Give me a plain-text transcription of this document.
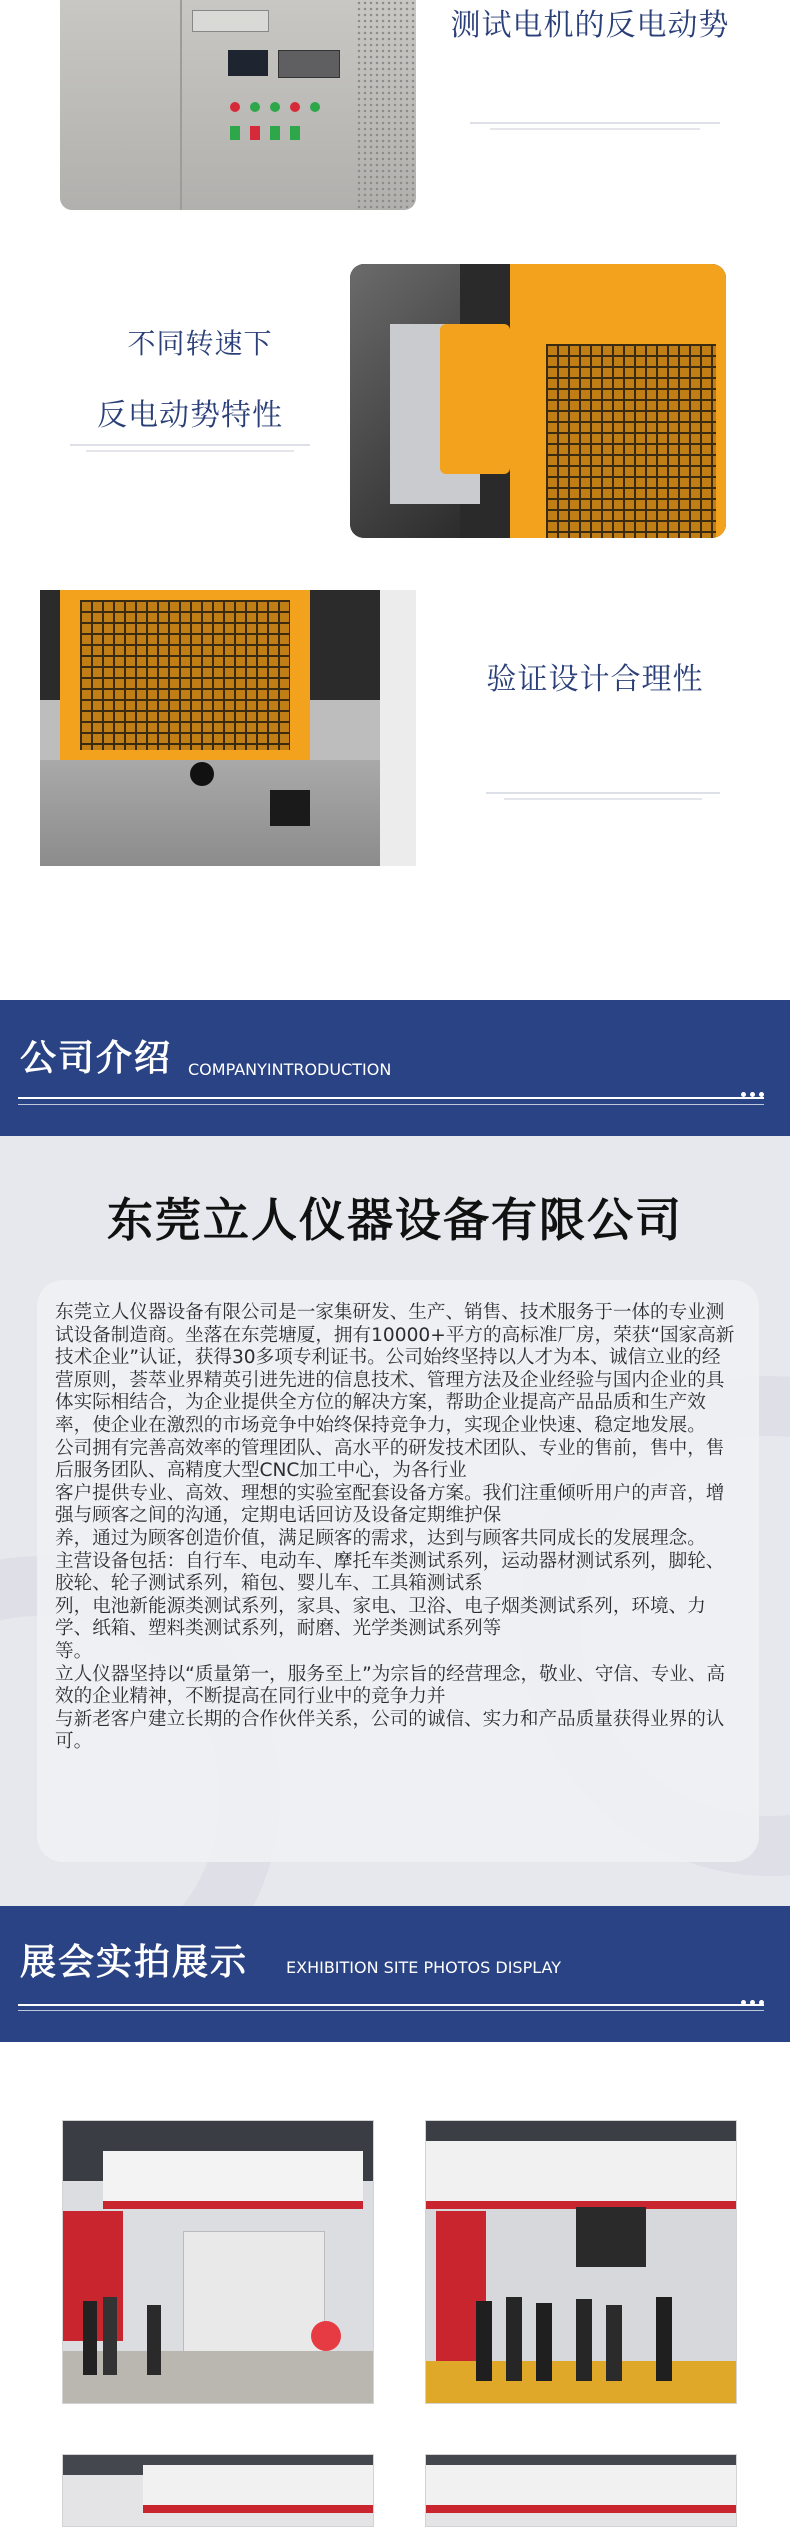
测试电机的反电动势
不同转速下
反电动势特性
验证设计合理性
公司介绍 COMPANYINTRODUCTION
东莞立人仪器设备有限公司

东莞立人仪器设备有限公司是一家集研发、生产、销售、技术服务于一体的专业测试设备制造商。坐落在东莞塘厦，拥有10000+平方的高标准厂房，荣获“国家高新技术企业”认证，获得30多项专利证书。公司始终坚持以人才为本、诚信立业的经营原则，荟萃业界精英引进先进的信息技术、管理方法及企业经验与国内企业的具体实际相结合，为企业提供全方位的解决方案，帮助企业提高产品品质和生产效率，使企业在激烈的市场竞争中始终保持竞争力，实现企业快速、稳定地发展。

公司拥有完善高效率的管理团队、高水平的研发技术团队、专业的售前，售中，售后服务团队、高精度大型CNC加工中心，为各行业
客户提供专业、高效、理想的实验室配套设备方案。我们注重倾听用户的声音，增强与顾客之间的沟通，定期电话回访及设备定期维护保
养，通过为顾客创造价值，满足顾客的需求，达到与顾客共同成长的发展理念。

主营设备包括：自行车、电动车、摩托车类测试系列，运动器材测试系列，脚轮、胶轮、轮子测试系列，箱包、婴儿车、工具箱测试系
列，电池新能源类测试系列，家具、家电、卫浴、电子烟类测试系列，环境、力学、纸箱、塑料类测试系列，耐磨、光学类测试系列等
等。

立人仪器坚持以“质量第一，服务至上”为宗旨的经营理念，敬业、守信、专业、高效的企业精神，不断提高在同行业中的竞争力并
与新老客户建立长期的合作伙伴关系，公司的诚信、实力和产品质量获得业界的认可。

展会实拍展示 EXHIBITION SITE PHOTOS DISPLAY
